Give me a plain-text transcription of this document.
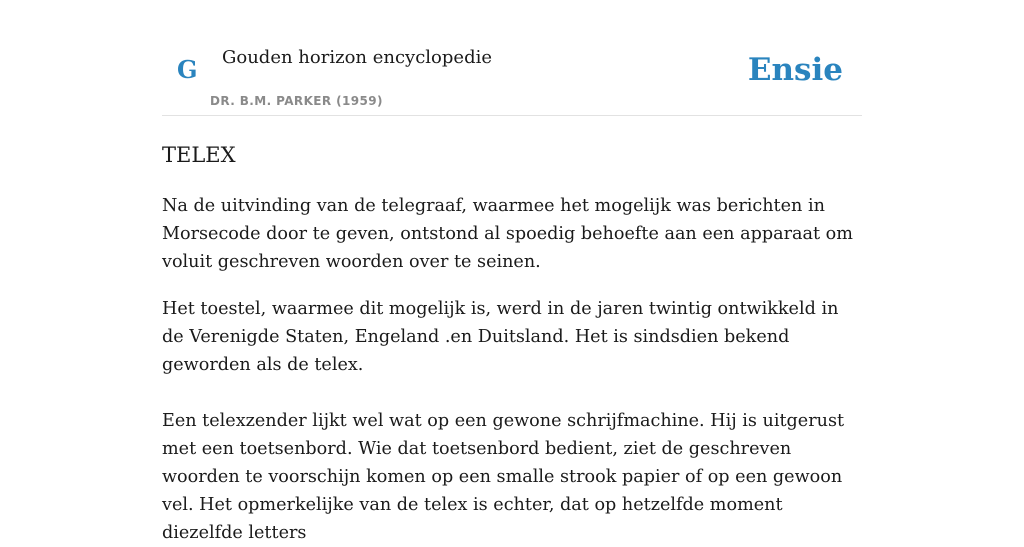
G Gouden horizon encyclopedie
DR. B.M. PARKER (1959)
Ensie
TELEX

Na de uitvinding van de telegraaf, waarmee het mogelijk was berichten in Morsecode door te geven, ontstond al spoedig behoefte aan een apparaat om voluit geschreven woorden over te seinen.

Het toestel, waarmee dit mogelijk is, werd in de jaren twintig ontwikkeld in de Verenigde Staten, Engeland .en Duitsland. Het is sindsdien bekend geworden als de telex.

Een telexzender lijkt wel wat op een gewone schrijfmachine. Hij is uitgerust met een toetsenbord. Wie dat toetsenbord bedient, ziet de geschreven woorden te voorschijn komen op een smalle strook papier of op een gewoon vel. Het opmerkelijke van de telex is echter, dat op hetzelfde moment diezelfde letters
